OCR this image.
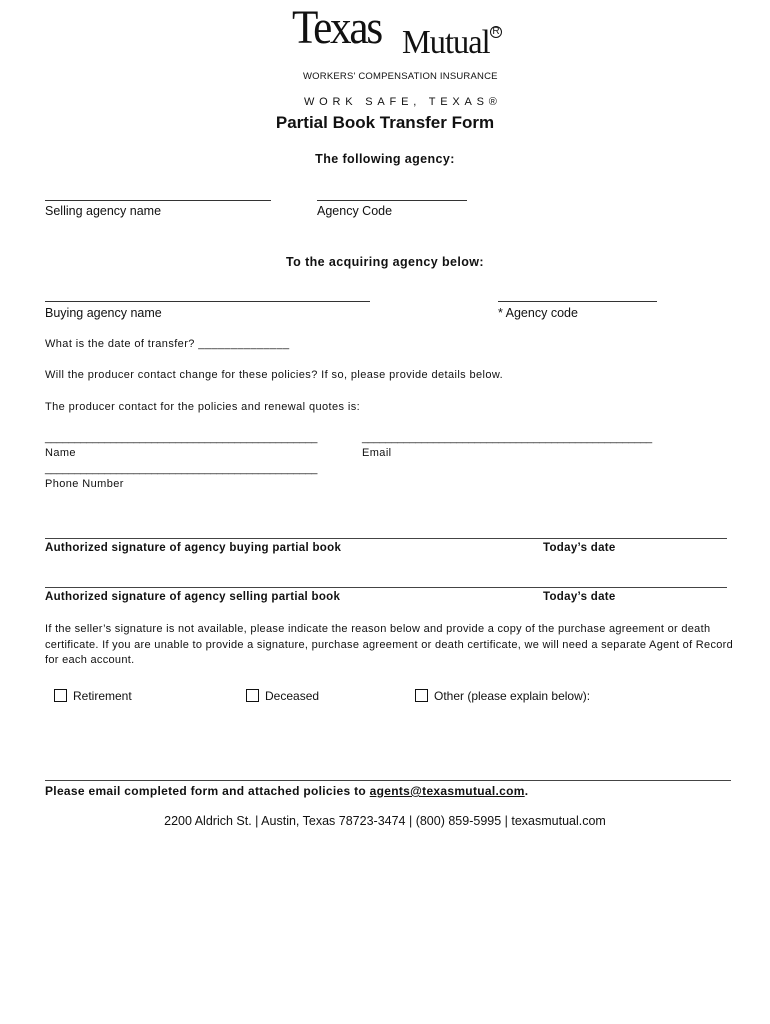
Texas Mutual R
WORKERS' COMPENSATION INSURANCE
WORK SAFE, TEXAS®
Partial Book Transfer Form
The following agency:
Selling agency name	Agency Code
To the acquiring agency below:
Buying agency name	* Agency code
What is the date of transfer? ______________
Will the producer contact change for these policies? If so, please provide details below.
The producer contact for the policies and renewal quotes is:
______________________________________________	_________________________________________________
Name	Email
______________________________________________
Phone Number
Authorized signature of agency buying partial book	Today’s date
Authorized signature of agency selling partial book	Today’s date
If the seller’s signature is not available, please indicate the reason below and provide a copy of the purchase agreement or death certificate. If you are unable to provide a signature, purchase agreement or death certificate, we will need a separate Agent of Record for each account.
Retirement	Deceased	Other (please explain below):
Please email completed form and attached policies to agents@texasmutual.com.
2200 Aldrich St. | Austin, Texas 78723-3474 | (800) 859-5995 | texasmutual.com
